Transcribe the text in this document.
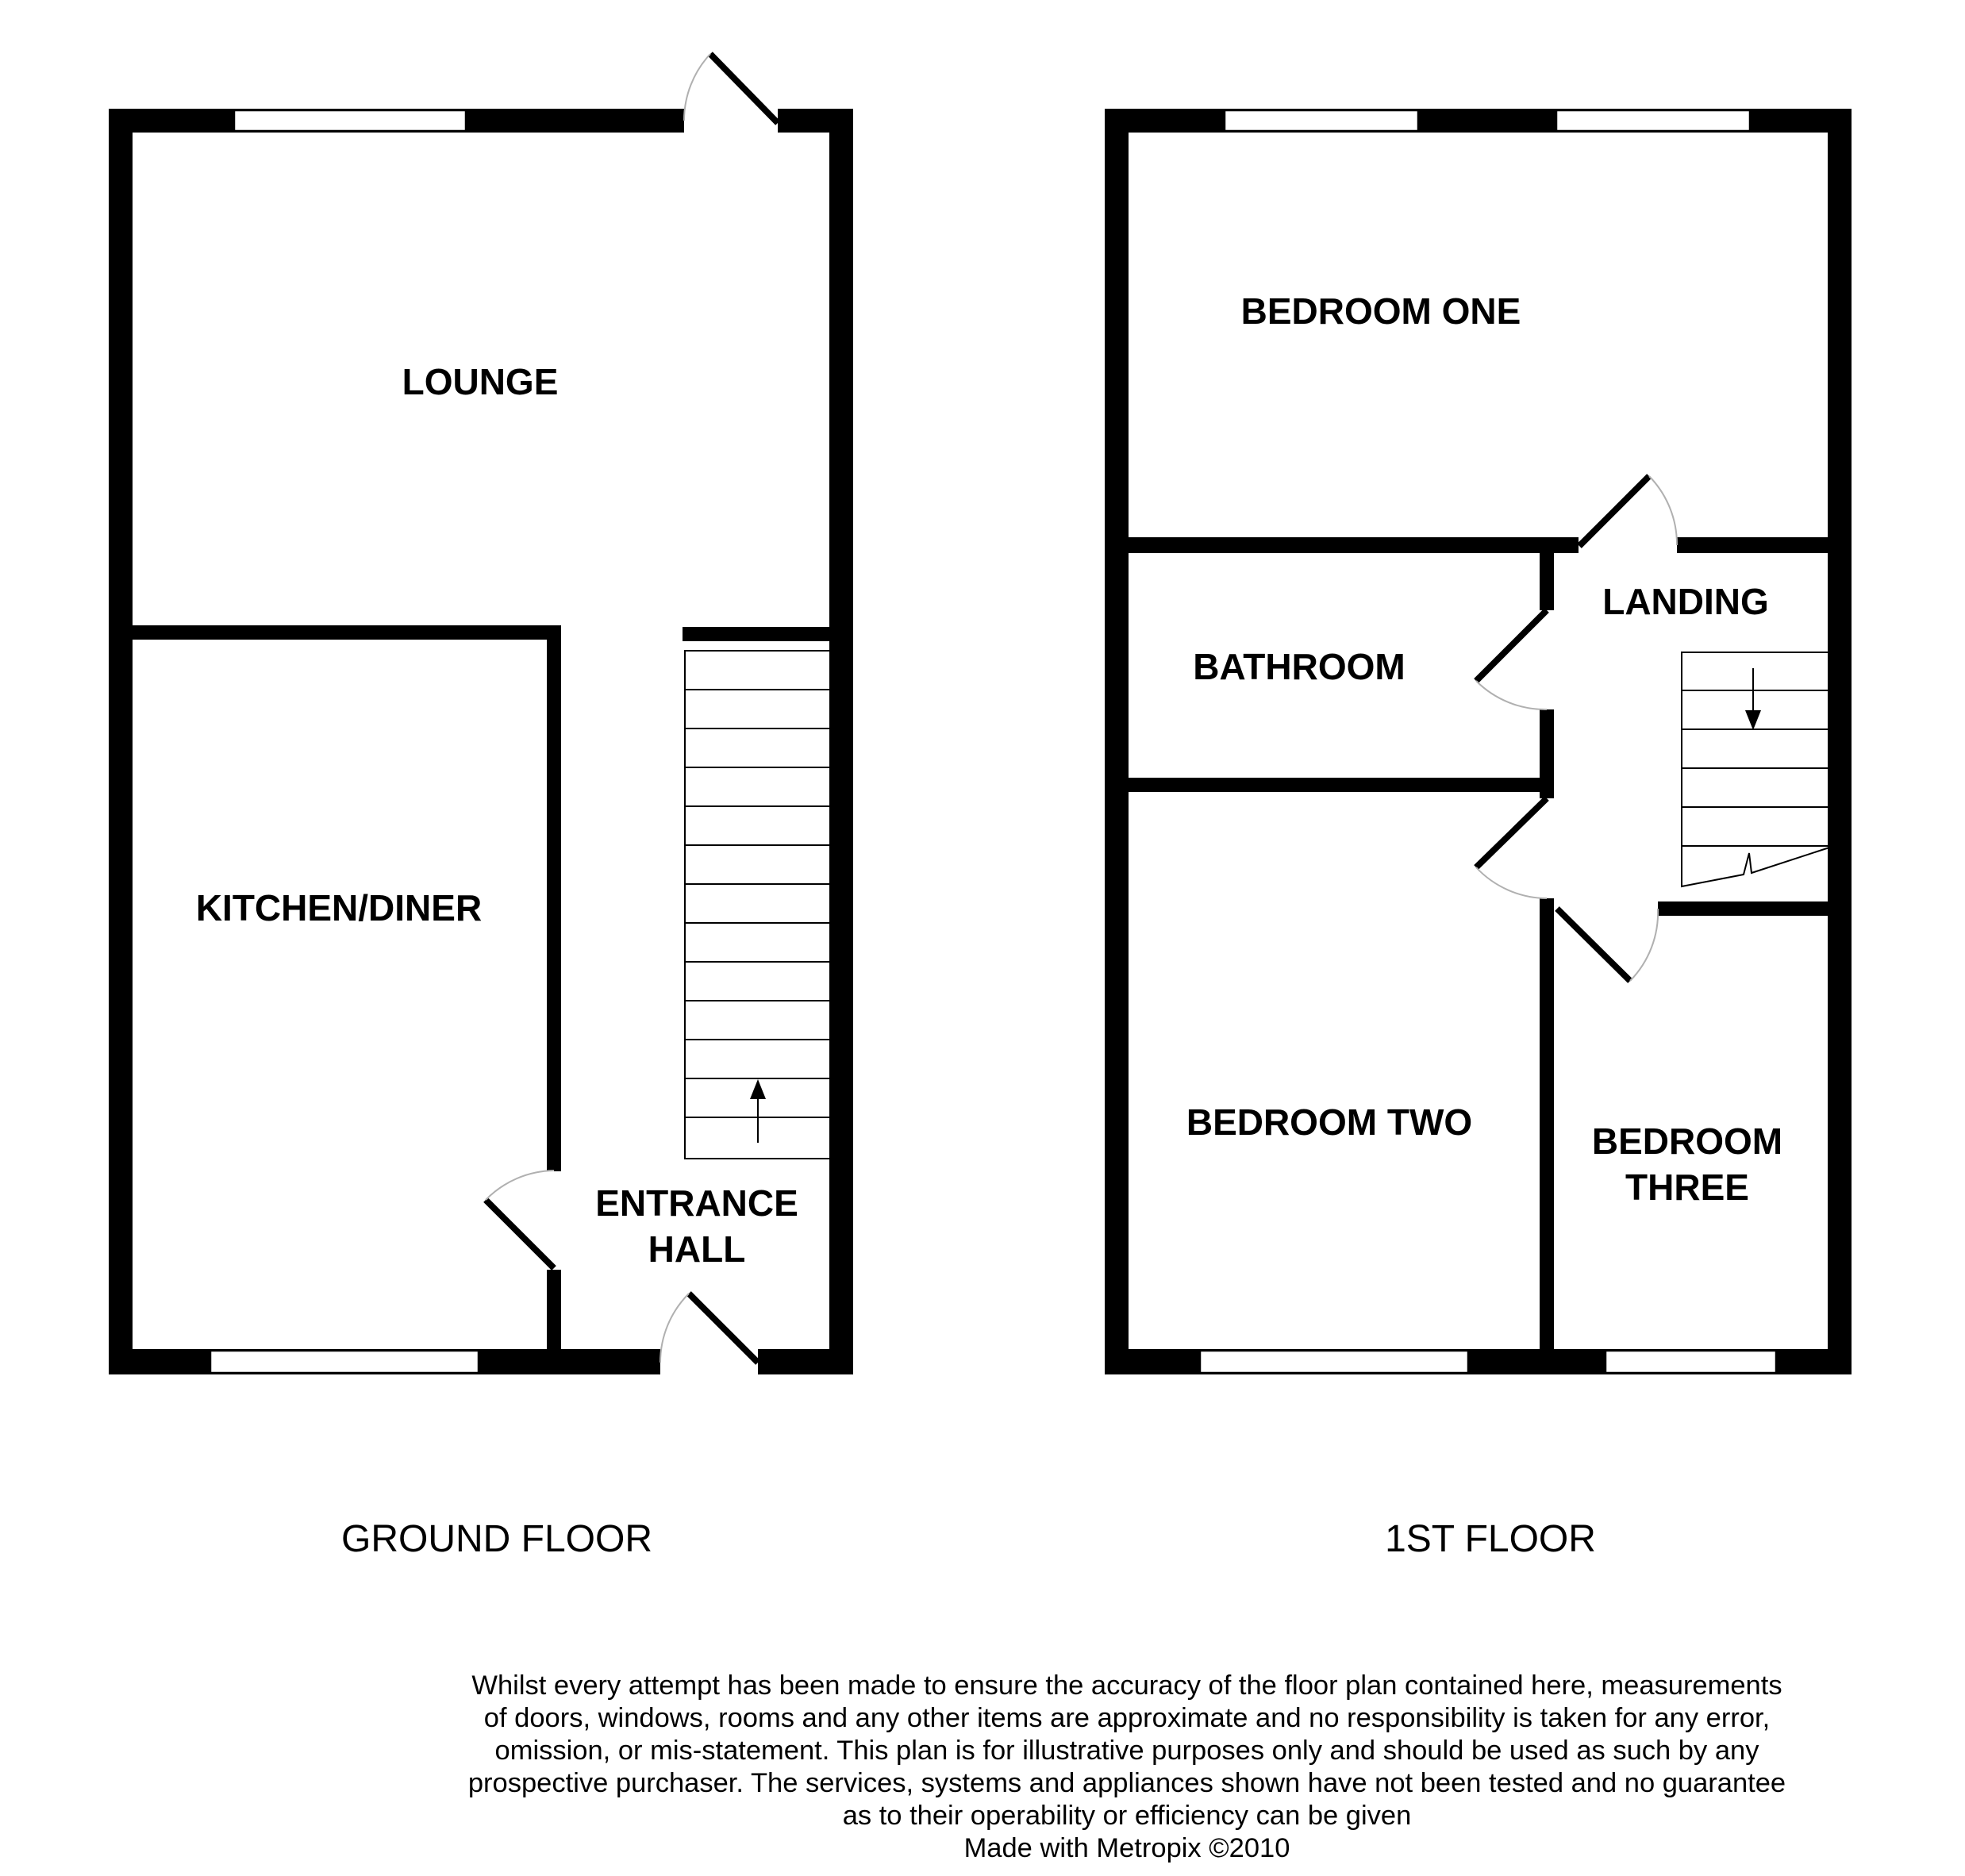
LOUNGE
KITCHEN/DINER
ENTRANCE
HALL
GROUND FLOOR
BEDROOM ONE
BATHROOM
LANDING
BEDROOM TWO	BEDROOM
THREE
1ST FLOOR
Whilst every attempt has been made to ensure the accuracy of the floor plan contained here, measurements
of doors, windows, rooms and any other items are approximate and no responsibility is taken for any error,
omission, or mis-statement. This plan is for illustrative purposes only and should be used as such by any
prospective purchaser. The services, systems and appliances shown have not been tested and no guarantee
as to their operability or efficiency can be given
Made with Metropix ©2010
